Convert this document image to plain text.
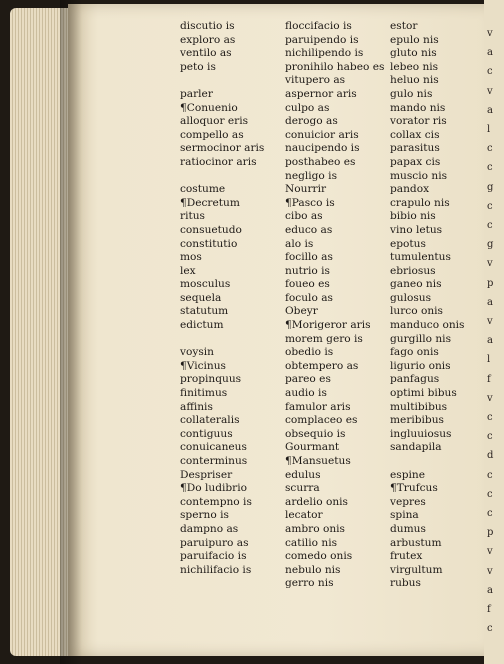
v
a
c
v
a
l
c
c
g
c
c
g
v
p
a
v
a
l
f
v
c
c
d
c
c
c
p
v
v
a
f
c
discutio is
exploro as
ventilo as
peto is
parler
¶Conuenio
alloquor eris
compello as
sermocinor aris
ratiocinor aris
costume
¶Decretum
ritus
consuetudo
constitutio
mos
lex
mosculus
sequela
statutum
edictum
voysin
¶Vicinus
propinquus
finitimus
affinis
collateralis
contiguus
conuicaneus
conterminus
Despriser
¶Do ludibrio
contempno is
sperno is
dampno as
paruipuro as
paruifacio is
nichilifacio is
floccifacio is
paruipendo is
nichilipendo is
pronihilo habeo es
vitupero as
aspernor aris
culpo as
derogo as
conuicior aris
naucipendo is
posthabeo es
negligo is
Nourrir
¶Pasco is
cibo as
educo as
alo is
focillo as
nutrio is
foueo es
foculo as
Obeyr
¶Morigeror aris
morem gero is
obedio is
obtempero as
pareo es
audio is
famulor aris
complaceo es
obsequio is
Gourmant
¶Mansuetus
edulus
scurra
ardelio onis
lecator
ambro onis
catilio nis
comedo onis
nebulo nis
gerro nis
estor
epulo nis
gluto nis
lebeo nis
heluo nis
gulo nis
mando nis
vorator ris
collax cis
parasitus
papax cis
muscio nis
pandox
crapulo nis
bibio nis
vino letus
epotus
tumulentus
ebriosus
ganeo nis
gulosus
lurco onis
manduco onis
gurgillo nis
fago onis
ligurio onis
panfagus
optimi bibus
multibibus
meribibus
ingluuiosus
sandapila
espine
¶Trufcus
vepres
spina
dumus
arbustum
frutex
virgultum
rubus
